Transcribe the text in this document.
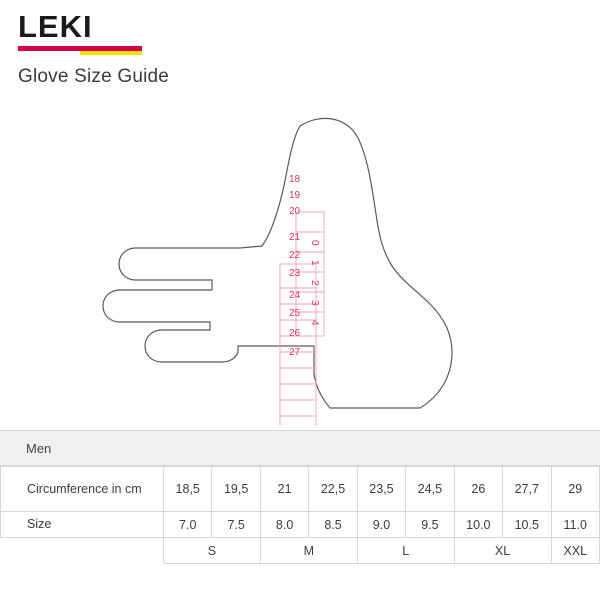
LEKI
Glove Size Guide
18
19
20
21
22
23
24
25
26
27
0
1
2
3
4
Men
Circumference in cm	18,5	19,5	21	22,5	23,5	24,5	26	27,7	29
Size	7.0	7.5	8.0	8.5	9.0	9.5	10.0	10.5	11.0
	S		M		L		XL		XXL
